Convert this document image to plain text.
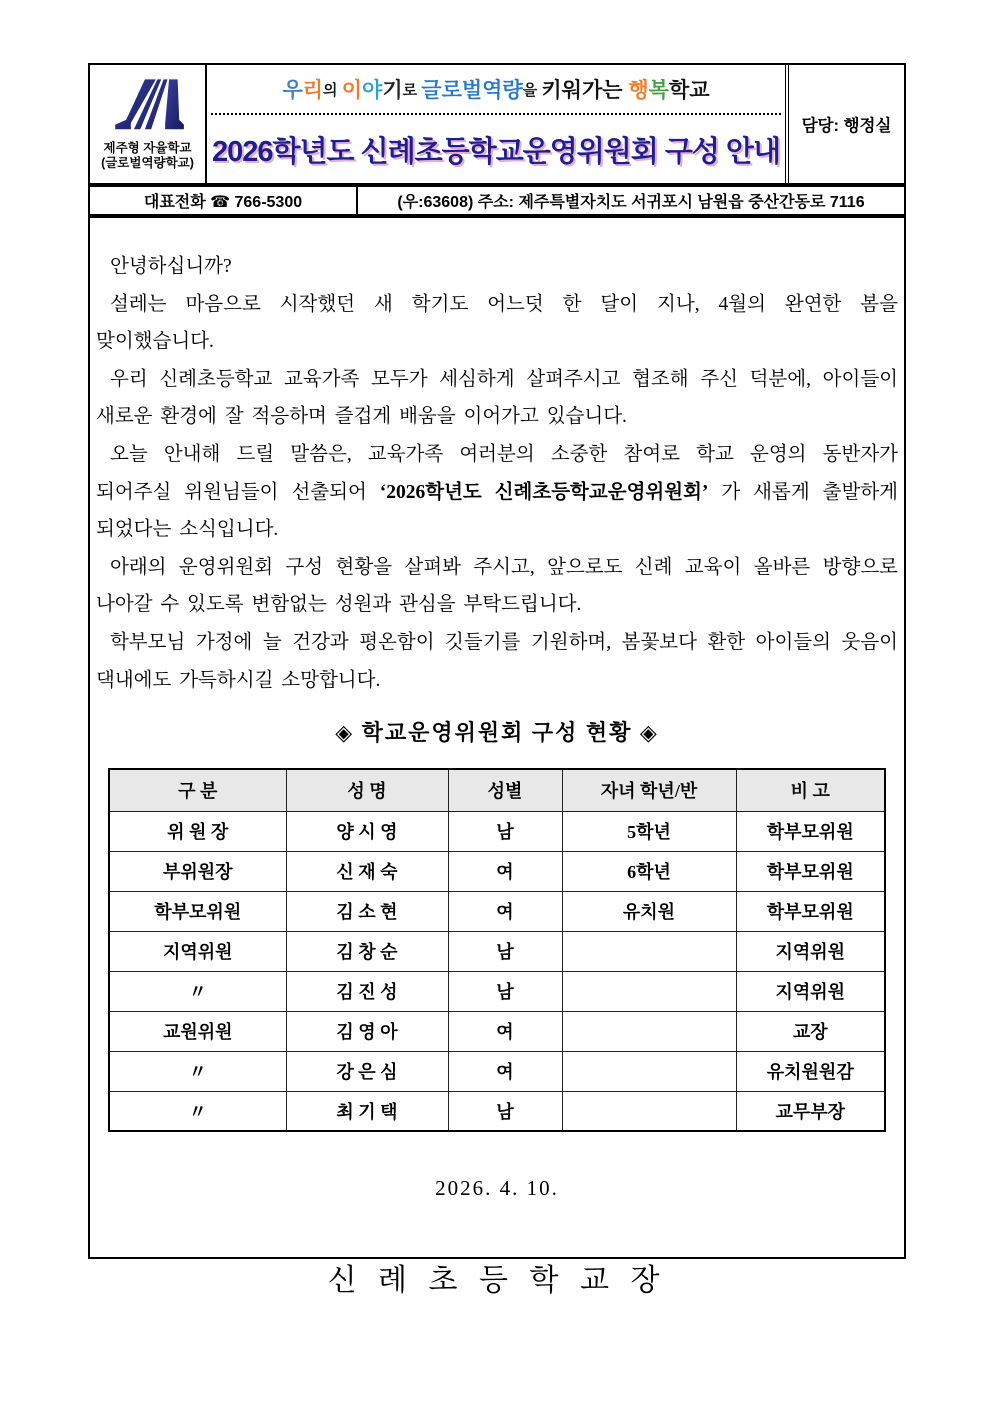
제주형 자율학교
(글로벌역량학교)
우 리 의 이 야 기 로 글로벌역량 을 키워가는 행 복 학교
2026학년도 신례초등학교운영위원회 구성 안내
담당: 행정실
대표전화 ☎ 766-5300	(우:63608) 주소: 제주특별자치도 서귀포시 남원읍 중산간동로 7116

안녕하십니까?

설레는 마음으로 시작했던 새 학기도 어느덧 한 달이 지나, 4월의 완연한 봄을 맞이했습니다.

우리 신례초등학교 교육가족 모두가 세심하게 살펴주시고 협조해 주신 덕분에, 아이들이 새로운 환경에 잘 적응하며 즐겁게 배움을 이어가고 있습니다.

오늘 안내해 드릴 말씀은, 교육가족 여러분의 소중한 참여로 학교 운영의 동반자가 되어주실 위원님들이 선출되어 ‘2026학년도 신례초등학교운영위원회’ 가 새롭게 출발하게 되었다는 소식입니다.

아래의 운영위원회 구성 현황을 살펴봐 주시고, 앞으로도 신례 교육이 올바른 방향으로 나아갈 수 있도록 변함없는 성원과 관심을 부탁드립니다.

학부모님 가정에 늘 건강과 평온함이 깃들기를 기원하며, 봄꽃보다 환한 아이들의 웃음이 댁내에도 가득하시길 소망합니다.

◈ 학교운영위원회 구성 현황 ◈
구 분	성 명	성별	자녀 학년/반	비 고
위 원 장	양 시 영	남	5학년	학부모위원
부위원장	신 재 숙	여	6학년	학부모위원
학부모위원	김 소 현	여	유치원	학부모위원
지역위원	김 창 순	남		지역위원
〃	김 진 성	남		지역위원
교원위원	김 영 아	여		교장
〃	강 은 심	여		유치원원감
〃	최 기 택	남		교무부장
2026. 4. 10.
신 례 초 등 학 교 장
